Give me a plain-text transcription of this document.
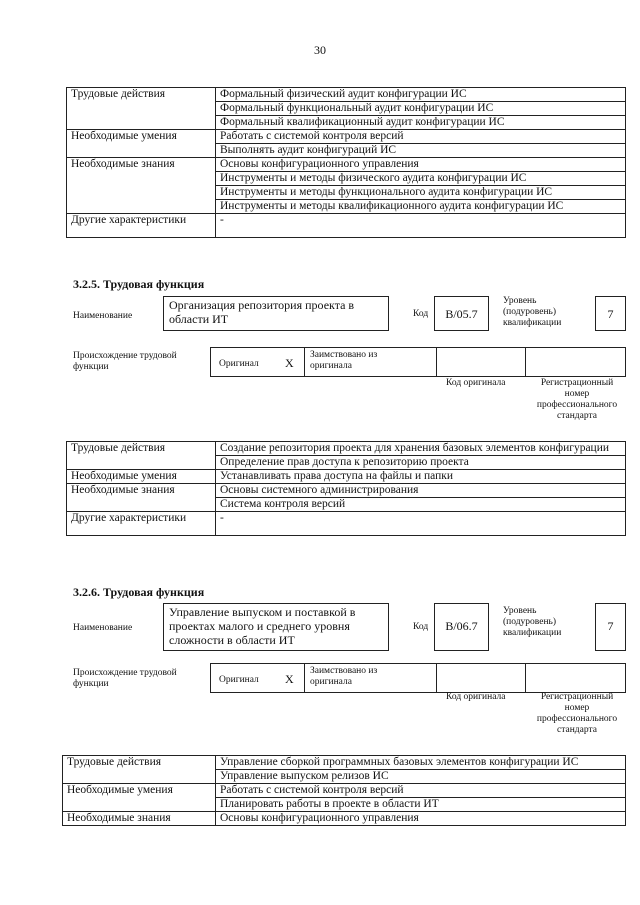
30
Трудовые действия	Формальный физический аудит конфигурации ИС
	Формальный функциональный аудит конфигурации ИС
	Формальный квалификационный аудит конфигурации ИС
Необходимые умения	Работать с системой контроля версий
	Выполнять аудит конфигураций ИС
Необходимые знания	Основы конфигурационного управления
	Инструменты и методы физического аудита конфигурации ИС
	Инструменты и методы функционального аудита конфигурации ИС
	Инструменты и методы квалификационного аудита конфигурации ИС
Другие характеристики	-
3.2.5. Трудовая функция
Наименование
Организация репозитория проекта в области ИТ	Код	B/05.7
Уровень (подуровень) квалификации
7
Происхождение трудовой функции	Оригинал X
Заимствовано из оригинала
Код оригинала	Регистрационный номер профессионального стандарта
Трудовые действия	Создание репозитория проекта для хранения базовых элементов конфигурации
	Определение прав доступа к репозиторию проекта
Необходимые умения	Устанавливать права доступа на файлы и папки
Необходимые знания	Основы системного администрирования
	Система контроля версий
Другие характеристики	-
3.2.6. Трудовая функция
Наименование
Управление выпуском и поставкой в проектах малого и среднего уровня сложности в области ИТ
Код	B/06.7
Уровень (подуровень) квалификации	7
Происхождение трудовой функции	Оригинал X
Заимствовано из оригинала
Код оригинала	Регистрационный номер профессионального стандарта
Трудовые действия	Управление сборкой программных базовых элементов конфигурации ИС
	Управление выпуском релизов ИС
Необходимые умения	Работать с системой контроля версий
	Планировать работы в проекте в области ИТ
Необходимые знания	Основы конфигурационного управления
